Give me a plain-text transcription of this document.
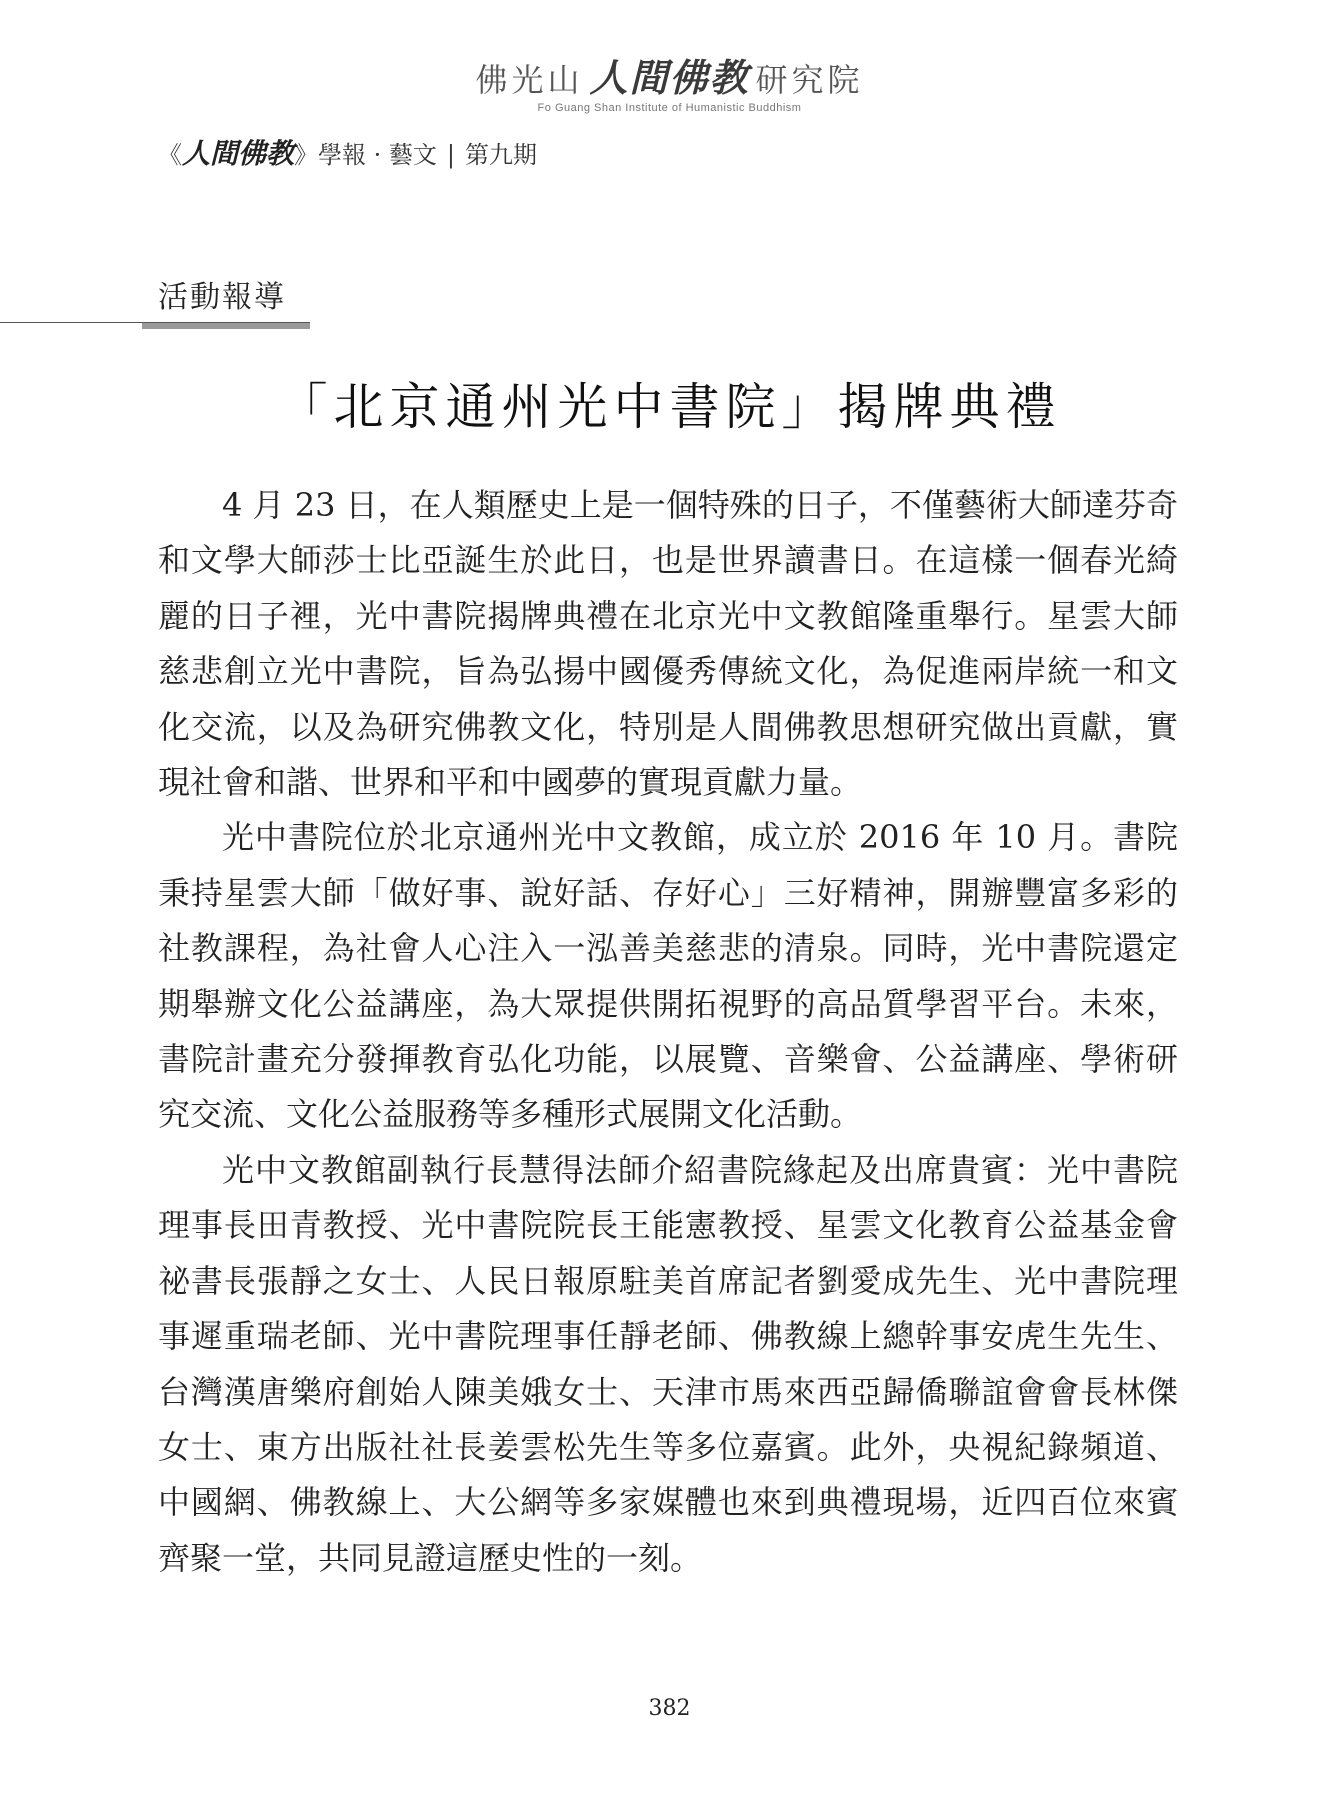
佛光山 人間佛教 研究院
Fo Guang Shan Institute of Humanistic Buddhism
《人間佛教》學報 · 藝文 | 第九期
活動報導
「北京通州光中書院」揭牌典禮

4 月 23 日，在人類歷史上是一個特殊的日子，不僅藝術大師達芬奇和文學大師莎士比亞誕生於此日，也是世界讀書日。在這樣一個春光綺麗的日子裡，光中書院揭牌典禮在北京光中文教館隆重舉行。星雲大師慈悲創立光中書院，旨為弘揚中國優秀傳統文化，為促進兩岸統一和文化交流，以及為研究佛教文化，特別是人間佛教思想研究做出貢獻，實現社會和諧、世界和平和中國夢的實現貢獻力量。

光中書院位於北京通州光中文教館，成立於 2016 年 10 月。書院秉持星雲大師「做好事、說好話、存好心」三好精神，開辦豐富多彩的社教課程，為社會人心注入一泓善美慈悲的清泉。同時，光中書院還定期舉辦文化公益講座，為大眾提供開拓視野的高品質學習平台。未來，書院計畫充分發揮教育弘化功能，以展覽、音樂會、公益講座、學術研究交流、文化公益服務等多種形式展開文化活動。

光中文教館副執行長慧得法師介紹書院緣起及出席貴賓：光中書院理事長田青教授、光中書院院長王能憲教授、星雲文化教育公益基金會祕書長張靜之女士、人民日報原駐美首席記者劉愛成先生、光中書院理事遲重瑞老師、光中書院理事任靜老師、佛教線上總幹事安虎生先生、台灣漢唐樂府創始人陳美娥女士、天津市馬來西亞歸僑聯誼會會長林傑女士、東方出版社社長姜雲松先生等多位嘉賓。此外，央視紀錄頻道、中國網、佛教線上、大公網等多家媒體也來到典禮現場，近四百位來賓齊聚一堂，共同見證這歷史性的一刻。

382
